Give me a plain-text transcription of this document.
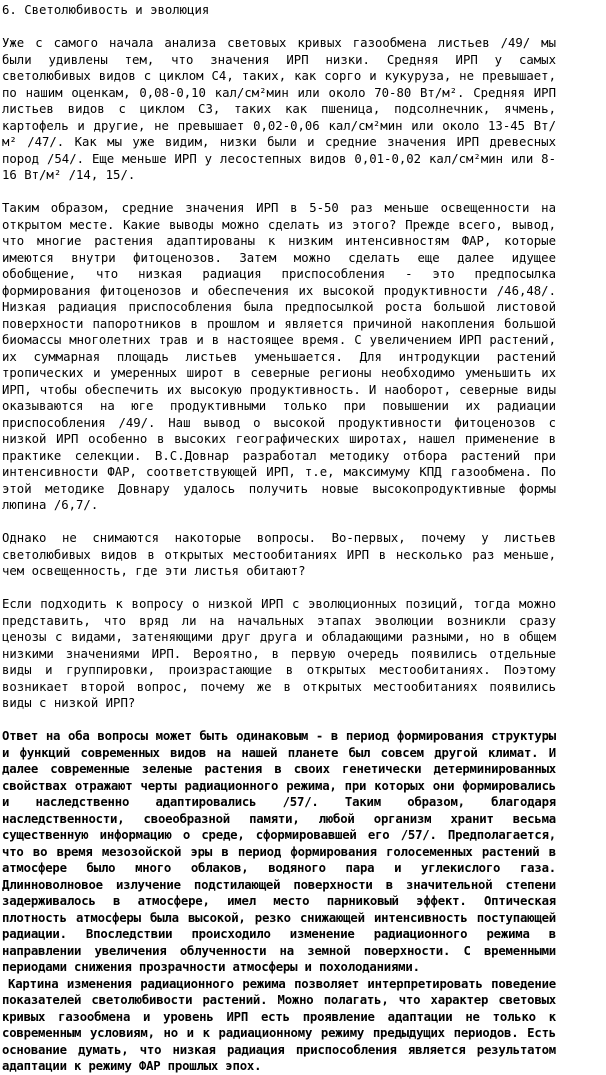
6. Светолюбивость и эволюция

Уже с самого начала анализа световых кривых газообмена листьев /49/ мы были удивлены тем, что значения ИРП низки. Средняя ИРП у самых светолюбивых видов с циклом С4, таких, как сорго и кукуруза, не превышает, по нашим оценкам, 0,08-0,10 кал/см²мин или около 70-80 Вт/м². Средняя ИРП листьев видов с циклом С3, таких как пшеница, подсолнечник, ячмень, картофель и другие, не превышает 0,02-0,06 кал/см²мин или около 13-45 Вт/м² /47/. Как мы уже видим, низки были и средние значения ИРП древесных пород /54/. Еще меньше ИРП у лесостепных видов 0,01-0,02 кал/см²мин или 8-16 Вт/м² /14, 15/.

Таким образом, средние значения ИРП в 5-50 раз меньше освещенности на открытом месте. Какие выводы можно сделать из этого? Прежде всего, вывод, что многие растения адаптированы к низким интенсивностям ФАР, которые имеются внутри фитоценозов. Затем можно сделать еще далее идущее обобщение, что низкая радиация приспособления - это предпосылка формирования фитоценозов и обеспечения их высокой продуктивности /46,48/. Низкая радиация приспособления была предпосылкой роста большой листовой поверхности папоротников в прошлом и является причиной накопления большой биомассы многолетних трав и в настоящее время. С увеличением ИРП растений, их суммарная площадь листьев уменьшается. Для интродукции растений тропических и умеренных широт в северные регионы необходимо уменьшить их ИРП, чтобы обеспечить их высокую продуктивность. И наоборот, северные виды оказываются на юге продуктивными только при повышении их радиации приспособления /49/. Наш вывод о высокой продуктивности фитоценозов с низкой ИРП особенно в высоких географических широтах, нашел применение в практике селекции. В.С.Довнар разработал методику отбора растений при интенсивности ФАР, соответствующей ИРП, т.е, максимуму КПД газообмена. По этой методике Довнару удалось получить новые высокопродуктивные формы люпина /6,7/.

Однако не снимаются накоторые вопросы. Во-первых, почему у листьев светолюбивых видов в открытых местообитаниях ИРП в несколько раз меньше, чем освещенность, где эти листья обитают?

Если подходить к вопросу о низкой ИРП с эволюционных позиций, тогда можно представить, что вряд ли на начальных этапах эволюции возникли сразу ценозы с видами, затеняющими друг друга и обладающими разными, но в общем низкими значениями ИРП. Вероятно, в первую очередь появились отдельные виды и группировки, произрастающие в открытых местообитаниях. Поэтому возникает второй вопрос, почему же в открытых местообитаниях появились виды с низкой ИРП?

Ответ на оба вопросы может быть одинаковым - в период формирования структуры и функций современных видов на нашей планете был совсем другой климат. И далее современные зеленые растения в своих генетически детерминированных свойствах отражают черты радиационного режима, при которых они формировались и наследственно адаптировались /57/. Таким образом, благодаря наследственности, своеобразной памяти, любой организм хранит весьма существенную информацию о среде, сформировавшей его /57/. Предполагается, что во время мезозойской эры в период формирования голосеменных растений в атмосфере было много облаков, водяного пара и углекислого газа. Длинноволновое излучение подстилающей поверхности в значительной степени задерживалось в атмосфере, имел место парниковый эффект. Оптическая плотность атмосферы была высокой, резко снижающей интенсивность поступающей радиации. Впоследствии происходило изменение радиационного режима в направлении увеличения облученности на земной поверхности. С временными периодами снижения прозрачности атмосферы и похолоданиями.

Картина изменения радиационного режима позволяет интерпретировать поведение показателей светолюбивости растений. Можно полагать, что характер световых кривых газообмена и уровень ИРП есть проявление адаптации не только к современным условиям, но и к радиационному режиму предыдущих периодов. Есть основание думать, что низкая радиация приспособления является результатом адаптации к режиму ФАР прошлых эпох.
